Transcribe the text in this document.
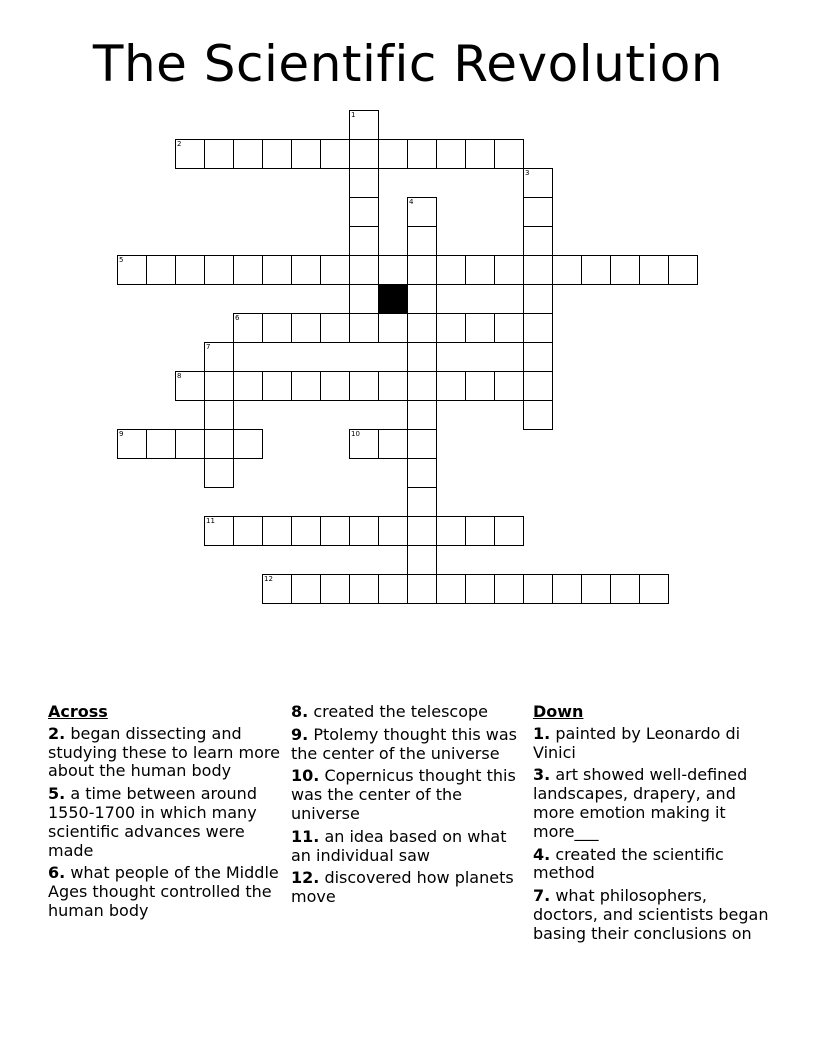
The Scientific Revolution
1
2
3
4
5
6
7
8
9	10
11
12
Across
2. began dissecting and studying these to learn more about the human body
5. a time between around 1550-1700 in which many scientific advances were made
6. what people of the Middle Ages thought controlled the human body
8. created the telescope
9. Ptolemy thought this was the center of the universe
10. Copernicus thought this was the center of the universe
11. an idea based on what an individual saw
12. discovered how planets move
Down
1. painted by Leonardo di Vinici
3. art showed well-defined landscapes, drapery, and more emotion making it more___
4. created the scientific method
7. what philosophers, doctors, and scientists began basing their conclusions on
